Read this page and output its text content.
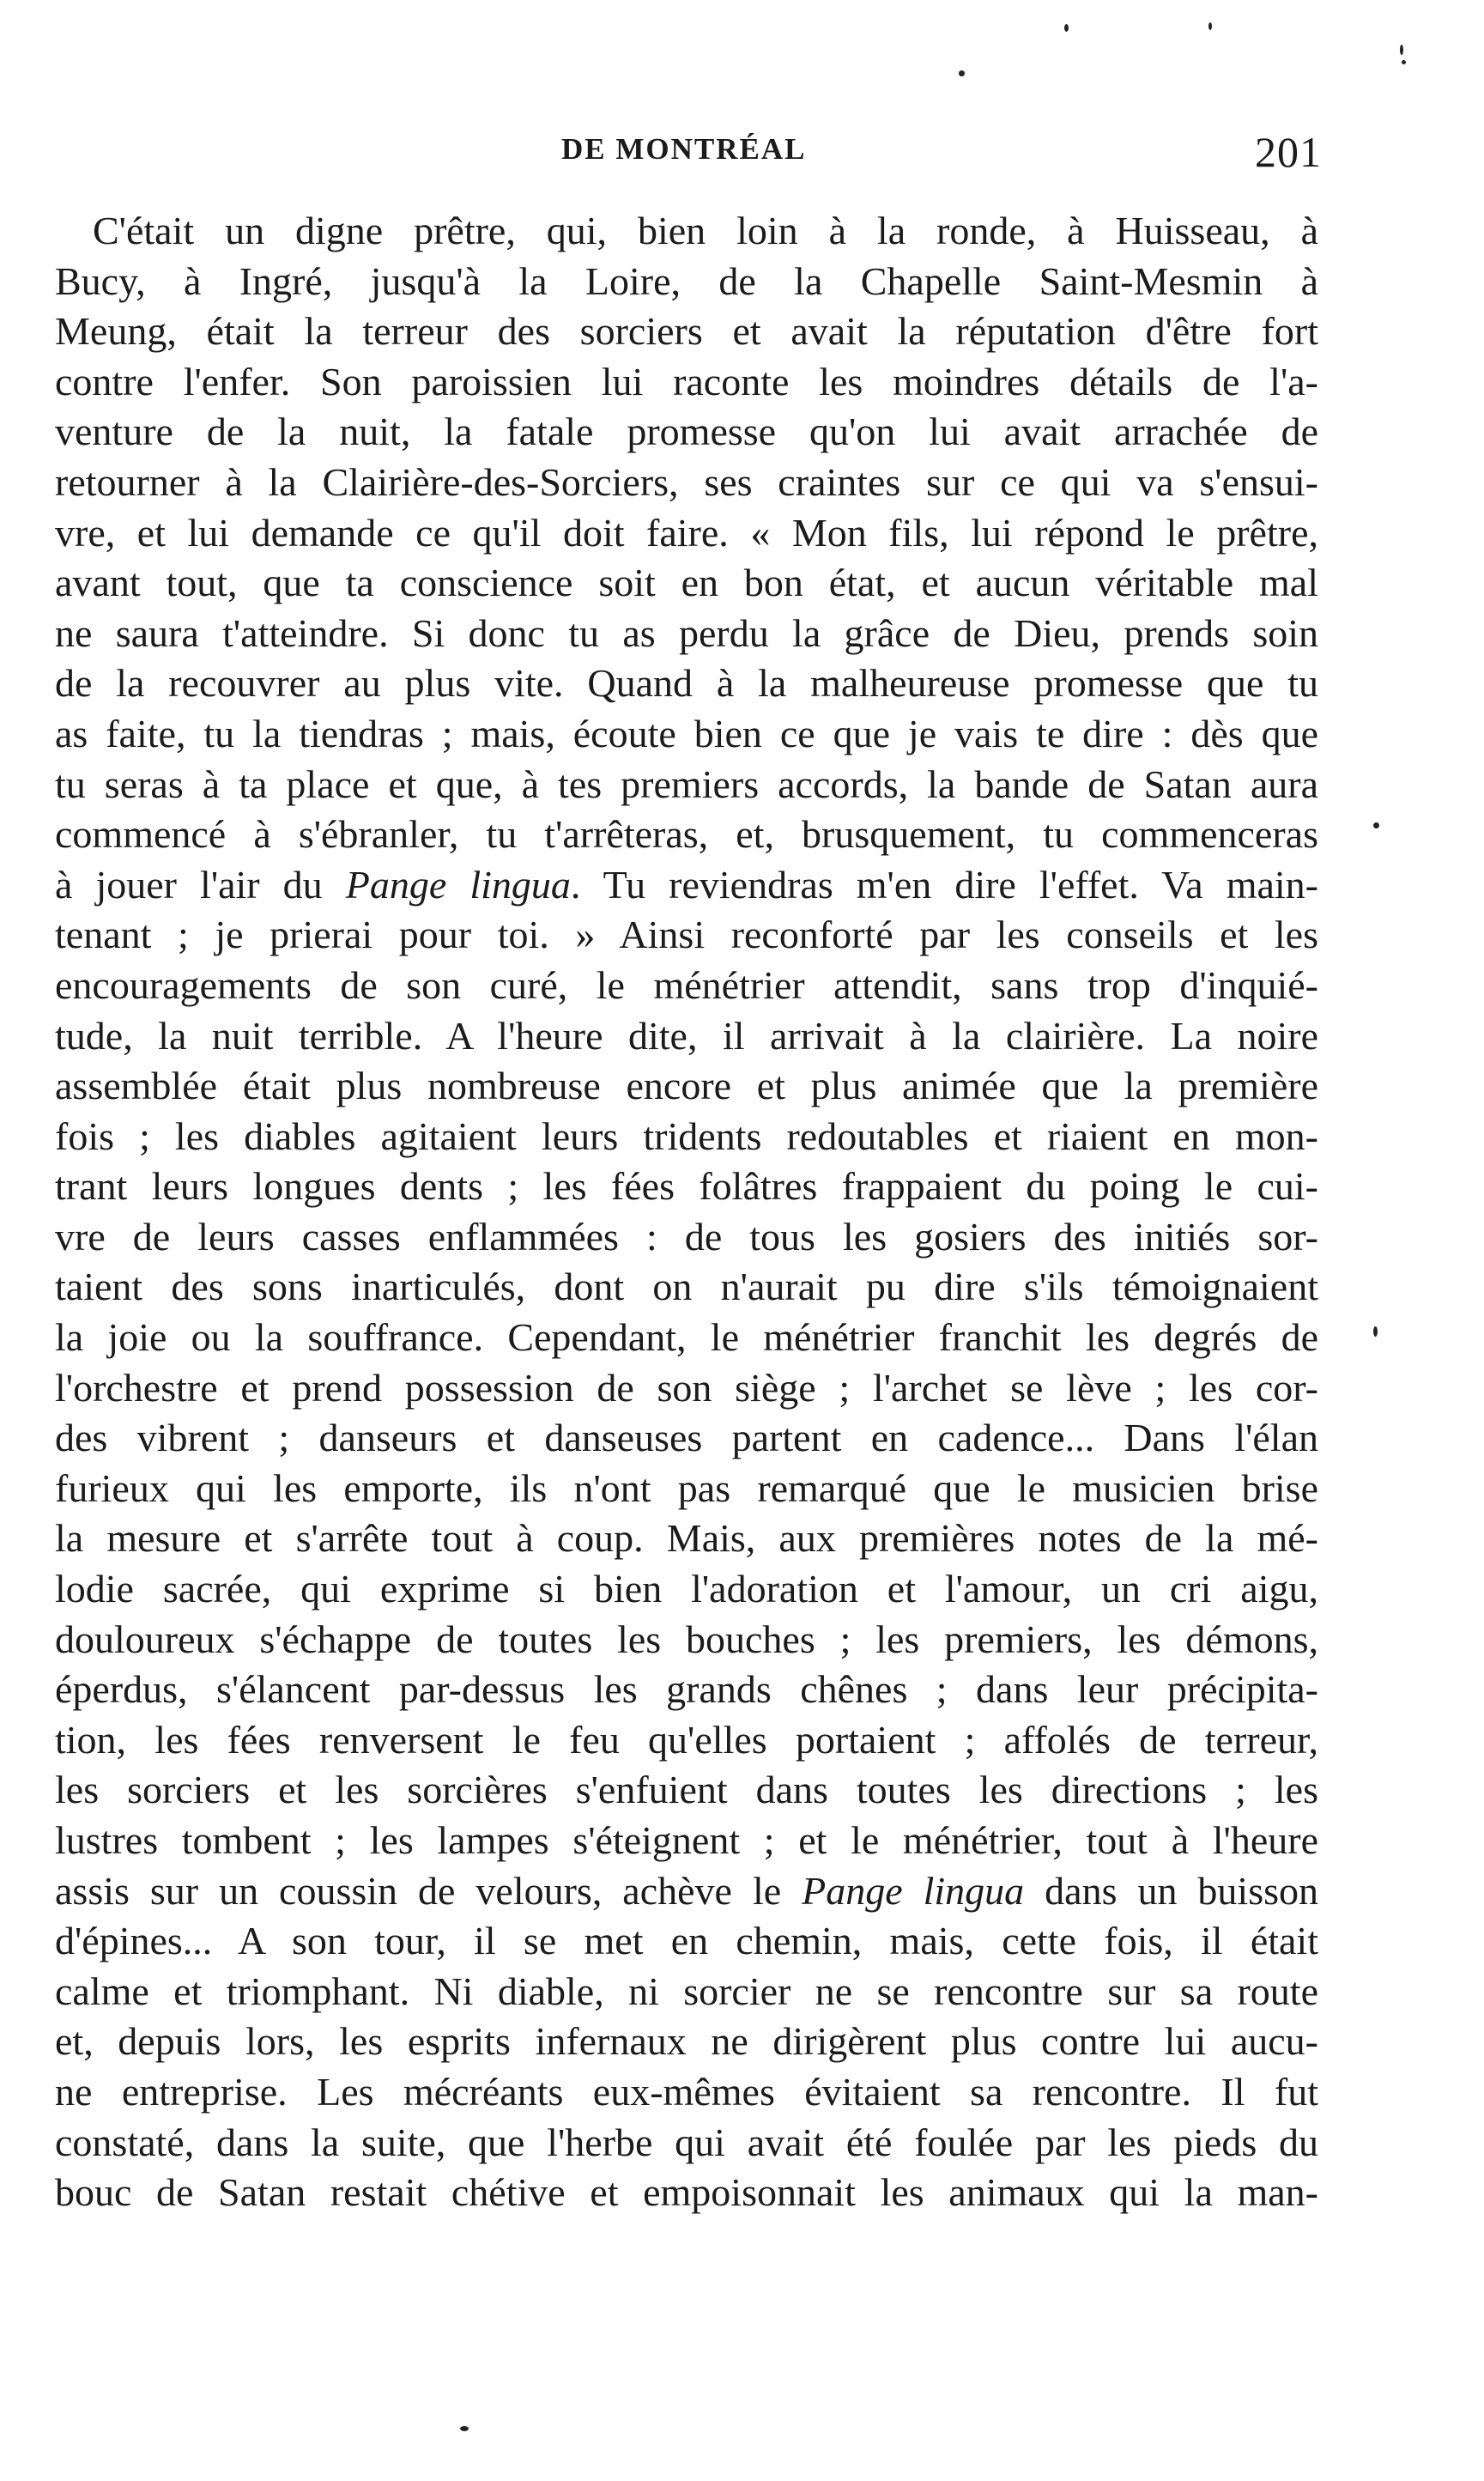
DE MONTRÉAL	201
C'était un digne prêtre, qui, bien loin à la ronde, à Huisseau, à
Bucy, à Ingré, jusqu'à la Loire, de la Chapelle Saint-Mesmin à
Meung, était la terreur des sorciers et avait la réputation d'être fort
contre l'enfer. Son paroissien lui raconte les moindres détails de l'a-
venture de la nuit, la fatale promesse qu'on lui avait arrachée de
retourner à la Clairière-des-Sorciers, ses craintes sur ce qui va s'ensui-
vre, et lui demande ce qu'il doit faire. « Mon fils, lui répond le prêtre,
avant tout, que ta conscience soit en bon état, et aucun véritable mal
ne saura t'atteindre. Si donc tu as perdu la grâce de Dieu, prends soin
de la recouvrer au plus vite. Quand à la malheureuse promesse que tu
as faite, tu la tiendras ; mais, écoute bien ce que je vais te dire : dès que
tu seras à ta place et que, à tes premiers accords, la bande de Satan aura
commencé à s'ébranler, tu t'arrêteras, et, brusquement, tu commenceras
à jouer l'air du Pange lingua. Tu reviendras m'en dire l'effet. Va main-
tenant ; je prierai pour toi. » Ainsi reconforté par les conseils et les
encouragements de son curé, le ménétrier attendit, sans trop d'inquié-
tude, la nuit terrible. A l'heure dite, il arrivait à la clairière. La noire
assemblée était plus nombreuse encore et plus animée que la première
fois ; les diables agitaient leurs tridents redoutables et riaient en mon-
trant leurs longues dents ; les fées folâtres frappaient du poing le cui-
vre de leurs casses enflammées : de tous les gosiers des initiés sor-
taient des sons inarticulés, dont on n'aurait pu dire s'ils témoignaient
la joie ou la souffrance. Cependant, le ménétrier franchit les degrés de
l'orchestre et prend possession de son siège ; l'archet se lève ; les cor-
des vibrent ; danseurs et danseuses partent en cadence... Dans l'élan
furieux qui les emporte, ils n'ont pas remarqué que le musicien brise
la mesure et s'arrête tout à coup. Mais, aux premières notes de la mé-
lodie sacrée, qui exprime si bien l'adoration et l'amour, un cri aigu,
douloureux s'échappe de toutes les bouches ; les premiers, les démons,
éperdus, s'élancent par-dessus les grands chênes ; dans leur précipita-
tion, les fées renversent le feu qu'elles portaient ; affolés de terreur,
les sorciers et les sorcières s'enfuient dans toutes les directions ; les
lustres tombent ; les lampes s'éteignent ; et le ménétrier, tout à l'heure
assis sur un coussin de velours, achève le Pange lingua dans un buisson
d'épines... A son tour, il se met en chemin, mais, cette fois, il était
calme et triomphant. Ni diable, ni sorcier ne se rencontre sur sa route
et, depuis lors, les esprits infernaux ne dirigèrent plus contre lui aucu-
ne entreprise. Les mécréants eux-mêmes évitaient sa rencontre. Il fut
constaté, dans la suite, que l'herbe qui avait été foulée par les pieds du
bouc de Satan restait chétive et empoisonnait les animaux qui la man-
